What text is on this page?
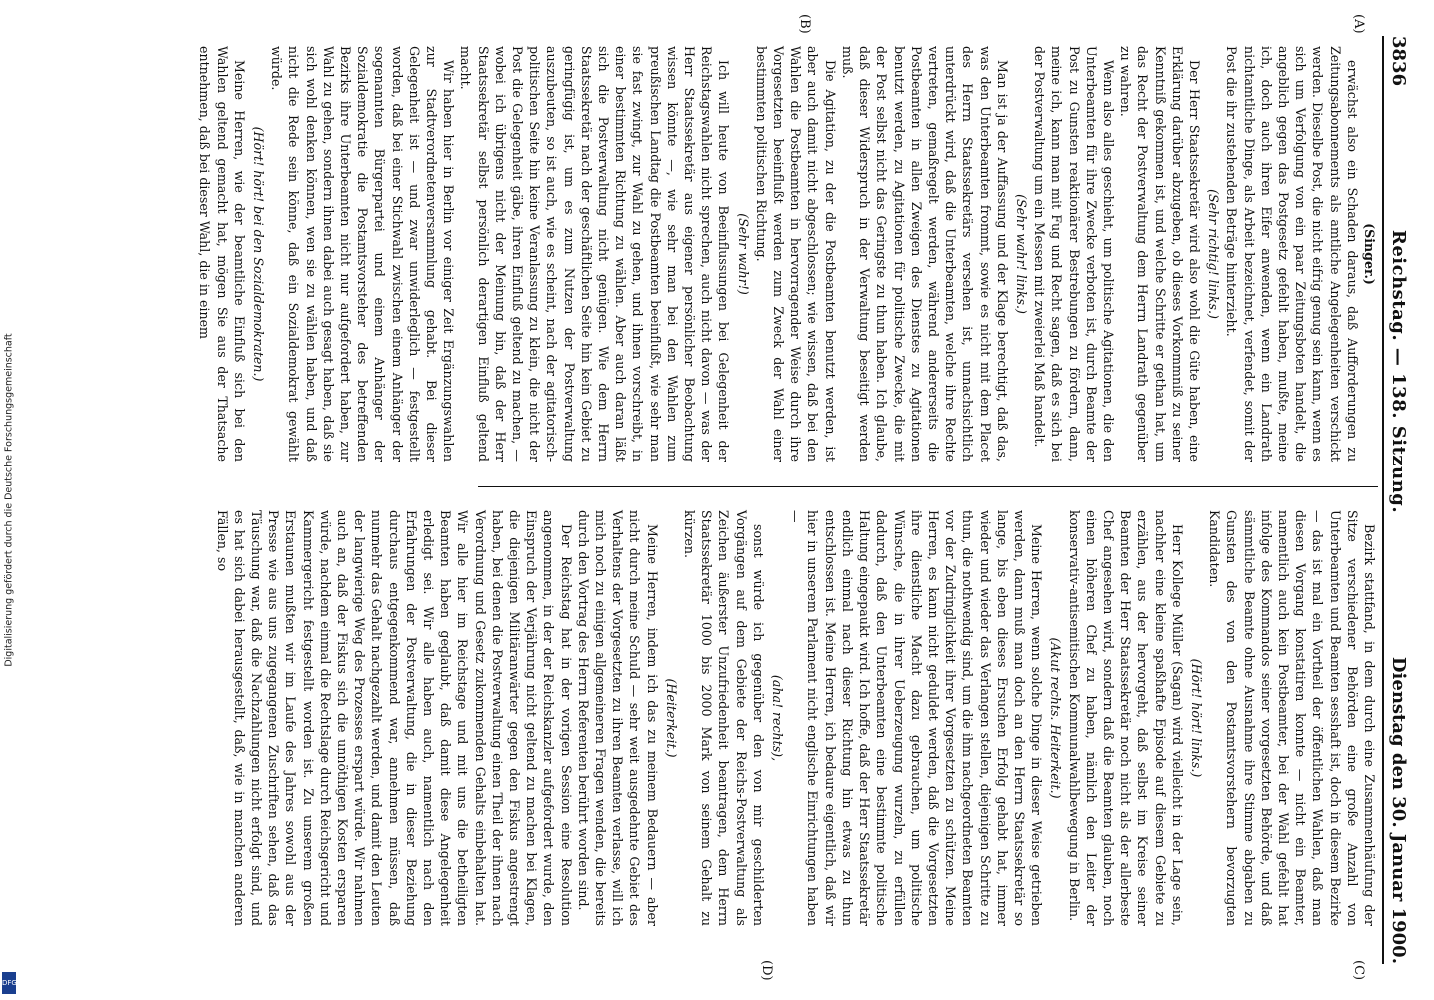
Digitalisierung gefördert durch die Deutsche Forschungsgemeinschaft
DFG
3836
Reichstag. — 138. Sitzung.
Dienstag den 30. Januar 1900.
(A)
(B)
(C)
(D)

(Singer.)

erwächst also ein Schaden daraus, daß Aufforderungen zu Zeitungsabonnements als amtliche Angelegenheiten verschickt werden. Dieselbe Post, die nicht eifrig genug sein kann, wenn es sich um Verfolgung von ein paar Zeitungsboten handelt, die angeblich gegen das Postgesetz gefehlt haben, mußte, meine ich, doch auch ihren Eifer anwenden, wenn ein Landrath nichtamtliche Dinge, als Arbeit bezeichnet, verfendet, somit der Post die ihr zustehenden Beträge hinterzieht.

(Sehr richtig! links.)

Der Herr Staatssekretär wird also wohl die Güte haben, eine Erklärung darüber abzugeben, ob dieses Vorkommniß zu seiner Kenntniß gekommen ist, und welche Schritte er gethan hat, um das Recht der Postverwaltung dem Herrn Landrath gegenüber zu wahren.

Wenn also alles geschieht, um politische Agitationen, die den Unterbeamten für ihre Zwecke verboten ist, durch Beamte der Post zu Gunsten reaktionärer Bestrebungen zu fördern, dann, meine ich, kann man mit Fug und Recht sagen, daß es sich bei der Postverwaltung um ein Messen mit zweierlei Maß handelt.

(Sehr wahr! links.)

Man ist ja der Auffassung und der Klage berechtigt, daß das, was den Unterbeamten frommt, sowie es nicht mit dem Placet des Herrn Staatssekretärs versehen ist, unnachsichtlich unterdrückt wird, daß die Unterbeamten, welche ihre Rechte vertreten, gemaßregelt werden, während andererseits die Postbeamten in allen Zweigen des Dienstes zu Agitationen benutzt werden, zu Agitationen für politische Zwecke, die mit der Post selbst nicht das Geringste zu thun haben. Ich glaube, daß dieser Widerspruch in der Verwaltung beseitigt werden muß.

Die Agitation, zu der die Postbeamten benutzt werden, ist aber auch damit nicht abgeschlossen; wie wissen, daß bei den Wahlen die Postbeamten in hervorragender Weise durch ihre Vorgesetzten beeinflußt werden zum Zweck der Wahl einer bestimmten politischen Richtung.

(Sehr wahr!)

Ich will heute von Beeinflussungen bei Gelegenheit der Reichstagswahlen nicht sprechen, auch nicht davon — was der Herr Staatssekretär aus eigener persönlicher Beobachtung wissen könnte —, wie sehr man bei den Wahlen zum preußischen Landtag die Postbeamten beeinflußt, wie sehr man sie fast zwingt, zur Wahl zu gehen, und ihnen vorschreibt, in einer bestimmten Richtung zu wählen. Aber auch daran läßt sich die Postverwaltung nicht genügen. Wie dem Herrn Staatssekretär nach der geschäftlichen Seite hin kein Gebiet zu geringfügig ist, um es zum Nutzen der Postverwaltung auszubeuten, so ist auch, wie es scheint, nach der agitatorisch-politischen Seite hin keine Veranlassung zu klein, die nicht der Post die Gelegenheit gäbe, ihren Einfluß geltend zu machen, — wobei ich übrigens nicht der Meinung bin, daß der Herr Staatssekretär selbst persönlich derartigen Einfluß geltend macht.

Wir haben hier in Berlin vor einiger Zeit Ergänzungswahlen zur Stadtverordnetenversammlung gehabt. Bei dieser Gelegenheit ist — und zwar unwiderleglich — festgestellt worden, daß bei einer Stichwahl zwischen einem Anhänger der sogenannten Bürgerpartei und einem Anhänger der Sozialdemokratie die Postamtsvorsteher des betreffenden Bezirks ihre Unterbeamten nicht nur aufgefordert haben, zur Wahl zu gehen, sondern ihnen dabei auch gesagt haben, daß sie sich wohl denken können, wen sie zu wählen haben, und daß nicht die Rede sein könne, daß ein Sozialdemokrat gewählt würde.

(Hört! hört! bei den Sozialdemokraten.)

Meine Herren, wie der beamtliche Einfluß sich bei den Wahlen geltend gemacht hat, mögen Sie aus der Thatsache entnehmen, daß bei dieser Wahl, die in einem

Bezirk stattfand, in dem durch eine Zusammenhäufung der Sitze verschiedener Behörden eine große Anzahl von Unterbeamten und Beamten sesshaft ist, doch in diesem Bezirke — das ist mal ein Vortheil der öffentlichen Wahlen, daß man diesen Vorgang konstatiren konnte — nicht ein Beamter, namentlich auch kein Postbeamter, bei der Wahl gefehlt hat infolge des Kommandos seiner vorgesetzten Behörde, und daß sämmtliche Beamte ohne Ausnahme ihre Stimme abgaben zu Gunsten des von den Postamtsvorstehern bevorzugten Kandidaten.

(Hört! hört! links.)

Herr Kollege Müller (Sagan) wird vielleicht in der Lage sein, nachher eine kleine spaßhafte Episode auf diesem Gebiete zu erzählen, aus der hervorgeht, daß selbst im Kreise seiner Beamten der Herr Staatssekretär noch nicht als der allerbeste Chef angesehen wird, sondern daß die Beamten glauben, noch einen höheren Chef zu haben, nämlich den Leiter der konservativ-antisemitischen Kommunalwahlbewegung in Berlin.

(Akut rechts. Heiterkeit.)

Meine Herren, wenn solche Dinge in dieser Weise getrieben werden, dann muß man doch an den Herrn Staatssekretär so lange, bis eben dieses Ersuchen Erfolg gehabt hat, immer wieder und wieder das Verlangen stellen, diejenigen Schritte zu thun, die nothwendig sind, um die ihm nachgeordneten Beamten vor der Zudringlichkeit ihrer Vorgesetzten zu schützen. Meine Herren, es kann nicht geduldet werden, daß die Vorgesetzten ihre dienstliche Macht dazu gebrauchen, um politische Wünsche, die in ihrer Ueberzeugung wurzeln, zu erfüllen dadurch, daß den Unterbeamten eine bestimmte politische Haltung eingepaukt wird. Ich hoffe, daß der Herr Staatssekretär endlich einmal nach dieser Richtung hin etwas zu thun entschlossen ist. Meine Herren, ich bedaure eigentlich, daß wir hier in unserem Parlament nicht englische Einrichtungen haben —

(aha! rechts),

sonst würde ich gegenüber den von mir geschilderten Vorgängen auf dem Gebiete der Reichs-Postverwaltung als Zeichen äußerster Unzufriedenheit beantragen, dem Herrn Staatssekretär 1000 bis 2000 Mark von seinem Gehalt zu kürzen.

(Heiterkeit.)

Meine Herren, indem ich das zu meinem Bedauern — aber nicht durch meine Schuld — sehr weit ausgedehnte Gebiet des Verhaltens der Vorgesetzten zu ihren Beamten verlasse, will ich mich noch zu einigen allgemeineren Fragen wenden, die bereits durch den Vortrag des Herrn Referenten berührt worden sind.

Der Reichstag hat in der vorigen Session eine Resolution angenommen, in der der Reichskanzler aufgefordert wurde, den Einspruch der Verjährung nicht geltend zu machen bei Klagen, die diejenigen Militäranwärter gegen den Fiskus angestrengt haben, bei denen die Postverwaltung einen Theil der ihnen nach Verordnung und Gesetz zukommenden Gehalts einbehalten hat. Wir alle hier im Reichstage und mit uns die betheiligten Beamten haben geglaubt, daß damit diese Angelegenheit erledigt sei. Wir alle haben auch, namentlich nach den Erfahrungen der Postverwaltung, die in dieser Beziehung durchaus entgegenkommend war, annehmen müssen, daß nunmehr das Gehalt nachgezahlt werden, und damit den Leuten der langwierige Weg des Prozesses erspart würde. Wir nahmen auch an, daß der Fiskus sich die unnöthigen Kosten ersparen würde, nachdem einmal die Rechtslage durch Reichsgericht und Kammergericht festgestellt worden ist. Zu unserem großen Erstaunen mußten wir im Laufe des Jahres sowohl aus der Presse wie aus uns zugegangenen Zuschriften sehen, daß das Täuschung war, daß die Nachzahlungen nicht erfolgt sind, und es hat sich dabei herausgestellt, daß, wie in manchen anderen Fällen, so
